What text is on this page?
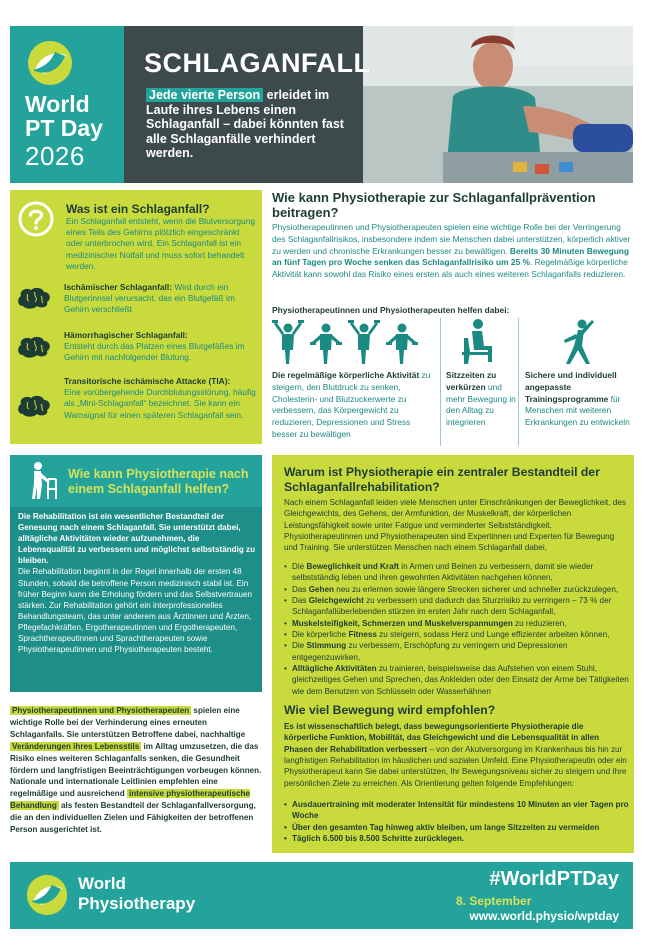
World
PT Day
2026
SCHLAGANFALL
Jede vierte Person erleidet im Laufe ihres Lebens einen Schlaganfall – dabei könnten fast alle Schlaganfälle verhindert werden.
Was ist ein Schlaganfall?
Ein Schlaganfall entsteht, wenn die Blutversorgung eines Teils des Gehirns plötzlich eingeschränkt oder unterbrochen wird. Ein Schlaganfall ist ein medizinischer Notfall und muss sofort behandelt werden.
Ischämischer Schlaganfall: Wird durch ein Blutgerinnsel verursacht, das ein Blutgefäß im Gehirn verschließt
Hämorrhagischer Schlaganfall:
Entsteht durch das Platzen eines Blutgefäßes im Gehirn mit nachfolgender Blutung.
Transitorische ischämische Attacke (TIA):
Eine vorübergehende Durchblutungsstörung, häufig als „Mini-Schlaganfall“ bezeichnet. Sie kann ein Warnsignal für einen späteren Schlaganfall sein.
Wie kann Physiotherapie zur Schlaganfallprävention beitragen?
Physiotherapeutinnen und Physiotherapeuten spielen eine wichtige Rolle bei der Verringerung des Schlaganfallrisikos, insbesondere indem sie Menschen dabei unterstützen, körperlich aktiver zu werden und chronische Erkrankungen besser zu bewältigen. Bereits 30 Minuten Bewegung an fünf Tagen pro Woche senken das Schlaganfallrisiko um 25 %. Regelmäßige körperliche Aktivität kann sowohl das Risiko eines ersten als auch eines weiteren Schlaganfalls reduzieren.
Physiotherapeutinnen und Physiotherapeuten helfen dabei:
Die regelmäßige körperliche Aktivität zu steigern, den Blutdruck zu senken, Cholesterin- und Blutzuckerwerte zu verbessern, das Körpergewicht zu reduzieren, Depressionen und Stress besser zu bewältigen
Sitzzeiten zu verkürzen und mehr Bewegung in den Alltag zu integrieren
Sichere und individuell angepasste Trainingsprogramme für Menschen mit weiteren Erkrankungen zu entwickeln
Wie kann Physiotherapie nach einem Schlaganfall helfen?
Die Rehabilitation ist ein wesentlicher Bestandteil der Genesung nach einem Schlaganfall. Sie unterstützt dabei, alltägliche Aktivitäten wieder aufzunehmen, die Lebensqualität zu verbessern und möglichst selbstständig zu bleiben.
Die Rehabilitation beginnt in der Regel innerhalb der ersten 48 Stunden, sobald die betroffene Person medizinisch stabil ist. Ein früher Beginn kann die Erholung fördern und das Selbstvertrauen stärken. Zur Rehabilitation gehört ein interprofessionelles Behandlungsteam, das unter anderem aus Ärztinnen und Ärzten, Pflegefachkräften, Ergotherapeutinnen und Ergotherapeuten, Sprachtherapeutinnen und Sprachtherapeuten sowie Physiotherapeutinnen und Physiotherapeuten besteht.
Physiotherapeutinnen und Physiotherapeuten spielen eine wichtige Rolle bei der Verhinderung eines erneuten Schlaganfalls. Sie unterstützen Betroffene dabei, nachhaltige Veränderungen ihres Lebensstils im Alltag umzusetzen, die das Risiko eines weiteren Schlaganfalls senken, die Gesundheit fördern und langfristigen Beeinträchtigungen vorbeugen können. Nationale und internationale Leitlinien empfehlen eine regelmäßige und ausreichend intensive physiotherapeutische Behandlung als festen Bestandteil der Schlaganfallversorgung, die an den individuellen Zielen und Fähigkeiten der betroffenen Person ausgerichtet ist.
Warum ist Physiotherapie ein zentraler Bestandteil der Schlaganfallrehabilitation?
Nach einem Schlaganfall leiden viele Menschen unter Einschränkungen der Beweglichkeit, des Gleichgewichts, des Gehens, der Armfunktion, der Muskelkraft, der körperlichen Leistungsfähigkeit sowie unter Fatigue und verminderter Selbstständigkeit. Physiotherapeutinnen und Physiotherapeuten sind Expertinnen und Experten für Bewegung und Training. Sie unterstützen Menschen nach einem Schlaganfall dabei,
• Die Beweglichkeit und Kraft in Armen und Beinen zu verbessern, damit sie wieder selbstständig leben und ihren gewohnten Aktivitäten nachgehen können,
• Das Gehen neu zu erlernen sowie längere Strecken sicherer und schneller zurückzulegen,
• Das Gleichgewicht zu verbessern und dadurch das Sturzrisiko zu verringern – 73 % der Schlaganfallüberlebenden stürzen im ersten Jahr nach dem Schlaganfall,
• Muskelsteifigkeit, Schmerzen und Muskelverspannungen zu reduzieren,
• Die körperliche Fitness zu steigern, sodass Herz und Lunge effizienter arbeiten können,
• Die Stimmung zu verbessern, Erschöpfung zu verringern und Depressionen entgegenzuwirken,
• Alltägliche Aktivitäten zu trainieren, beispielsweise das Aufstehen von einem Stuhl, gleichzeitiges Gehen und Sprechen, das Ankleiden oder den Einsatz der Arme bei Tätigkeiten wie dem Benutzen von Schlüsseln oder Wasserhähnen
Wie viel Bewegung wird empfohlen?
Es ist wissenschaftlich belegt, dass bewegungsorientierte Physiotherapie die körperliche Funktion, Mobilität, das Gleichgewicht und die Lebensqualität in allen Phasen der Rehabilitation verbessert – von der Akutversorgung im Krankenhaus bis hin zur langfristigen Rehabilitation im häuslichen und sozialen Umfeld. Eine Physiotherapeutin oder ein Physiotherapeut kann Sie dabei unterstützen, Ihr Bewegungsniveau sicher zu steigern und Ihre persönlichen Ziele zu erreichen. Als Orientierung gelten folgende Empfehlungen:
• Ausdauertraining mit moderater Intensität für mindestens 10 Minuten an vier Tagen pro Woche
• Über den gesamten Tag hinweg aktiv bleiben, um lange Sitzzeiten zu vermeiden
• Täglich 6.500 bis 8.500 Schritte zurücklegen.
World
Physiotherapy
#WorldPTDay
8. September
www.world.physio/wptday
